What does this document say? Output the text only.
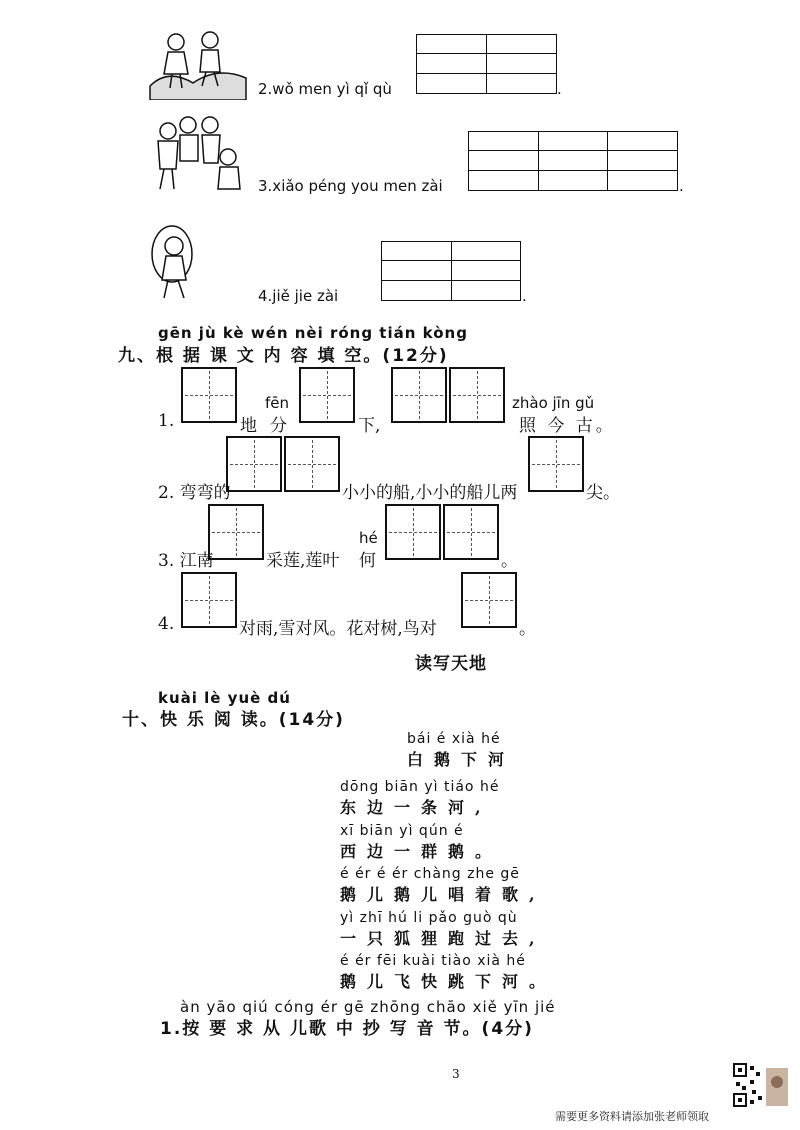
2.wǒ men yì qǐ qù	.
3.xiǎo péng you men zài	.
4.jiě jie zài	.
gēn jù kè wén nèi róng tián kòng
九、根 据 课 文 内 容 填 空。(12分)
1.	地
fēn
分	下,
zhào jīn gǔ
照 今 古。
2. 弯弯的	小小的船,小小的船儿两	尖。
3. 江南	采莲,莲叶
hé
何	。
4.	对雨,雪对风。花对树,鸟对	。
读写天地
kuài lè yuè dú
十、快 乐 阅 读。(14分)
bái é xià hé
白鹅下河
dōng biān yì tiáo hé
东边一条河,
xī biān yì qún é
西边一群鹅。
é ér é ér chàng zhe gē
鹅儿鹅儿唱着歌,
yì zhī hú li pǎo guò qù
一只狐狸跑过去,
é ér fēi kuài tiào xià hé
鹅儿飞快跳下河。
àn yāo qiú cóng ér gē zhōng chāo xiě yīn jié
1.按 要 求 从 儿歌 中 抄 写 音 节。(4分)
3
需要更多资料请添加张老师领取
